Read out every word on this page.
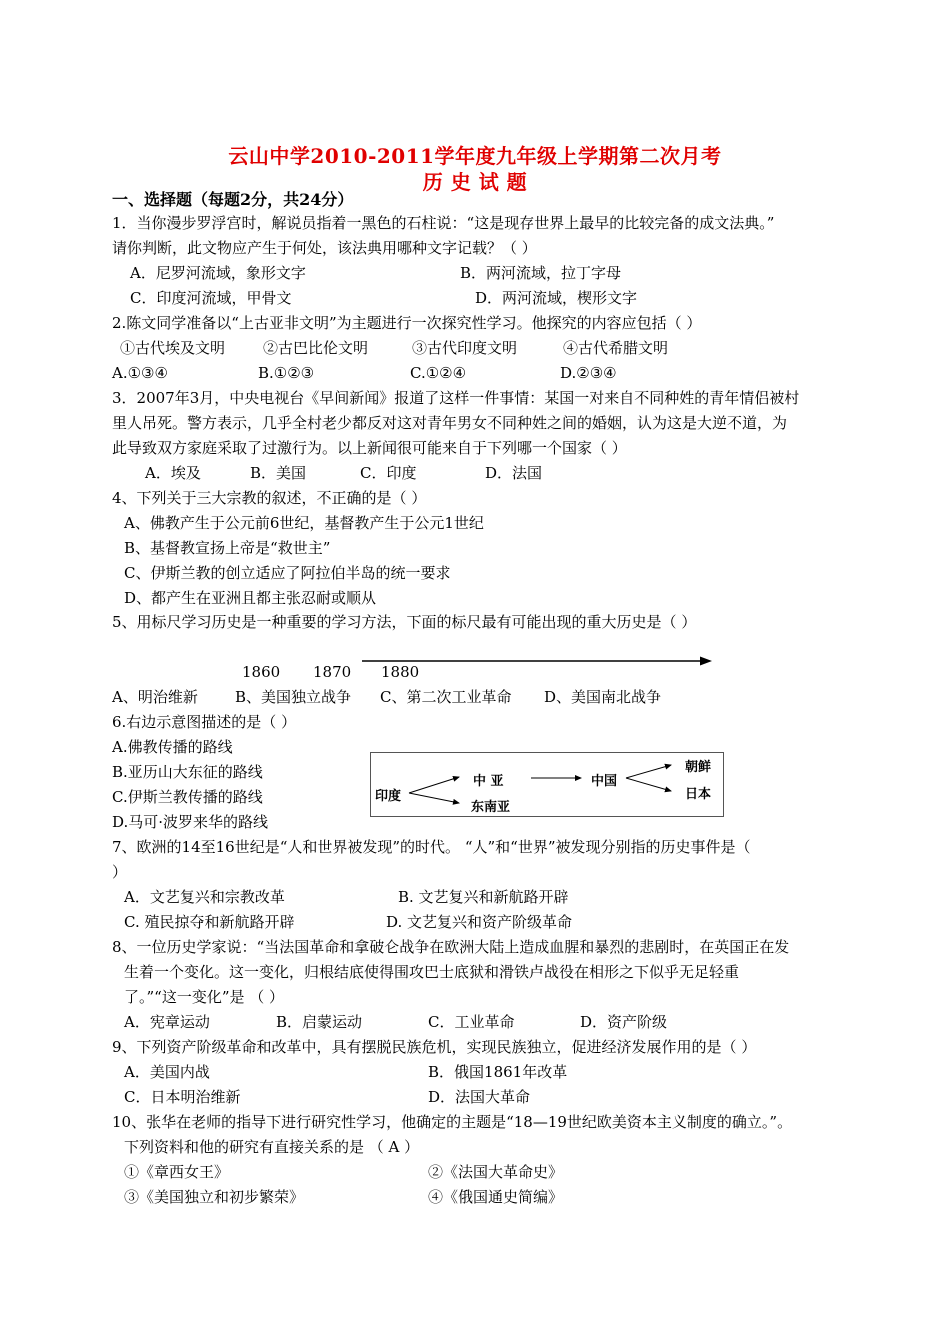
云山中学2010-2011学年度九年级上学期第二次月考
历 史 试 题
一、选择题（每题2分，共24分）
1．当你漫步罗浮宫时，解说员指着一黑色的石柱说：“这是现存世界上最早的比较完备的成文法典。”
请你判断，此文物应产生于何处，该法典用哪种文字记载？（ ）
A．尼罗河流域，象形文字	B．两河流域，拉丁字母
C．印度河流域，甲骨文	D．两河流域，楔形文字
2.陈文同学准备以“上古亚非文明”为主题进行一次探究性学习。他探究的内容应包括（ ）
①古代埃及文明	②古巴比伦文明	③古代印度文明	④古代希腊文明
A.①③④	B.①②③	C.①②④	D.②③④
3．2007年3月，中央电视台《早间新闻》报道了这样一件事情：某国一对来自不同种姓的青年情侣被村
里人吊死。警方表示，几乎全村老少都反对这对青年男女不同种姓之间的婚姻，认为这是大逆不道，为
此导致双方家庭采取了过激行为。以上新闻很可能来自于下列哪一个国家（ ）
A．埃及	B．美国	C．印度	D．法国
4、下列关于三大宗教的叙述，不正确的是（ ）
A、佛教产生于公元前6世纪，基督教产生于公元1世纪
B、基督教宣扬上帝是“救世主”
C、伊斯兰教的创立适应了阿拉伯半岛的统一要求
D、都产生在亚洲且都主张忍耐或顺从
5、用标尺学习历史是一种重要的学习方法，下面的标尺最有可能出现的重大历史是（ ）
1860 1870 1880
A、明治维新 B、美国独立战争 C、第二次工业革命 D、美国南北战争
6.右边示意图描述的是（ ）
A.佛教传播的路线
B.亚历山大东征的路线
C.伊斯兰教传播的路线
D.马可·波罗来华的路线
印度
中 亚
东南亚
中国
朝鲜
日本
7、欧洲的14至16世纪是“人和世界被发现”的时代。 “人”和“世界”被发现分别指的历史事件是（
）
A．文艺复兴和宗教改革	B. 文艺复兴和新航路开辟
C. 殖民掠夺和新航路开辟	D. 文艺复兴和资产阶级革命
8、一位历史学家说：“当法国革命和拿破仑战争在欧洲大陆上造成血腥和暴烈的悲剧时，在英国正在发
生着一个变化。这一变化，归根结底使得围攻巴士底狱和滑铁卢战役在相形之下似乎无足轻重
了。”“这一变化”是 （ ）
A．宪章运动	B．启蒙运动	C．工业革命	D．资产阶级
9、下列资产阶级革命和改革中，具有摆脱民族危机，实现民族独立，促进经济发展作用的是（ ）
A．美国内战	B．俄国1861年改革
C．日本明治维新	D．法国大革命
10、张华在老师的指导下进行研究性学习，他确定的主题是“18—19世纪欧美资本主义制度的确立。”。
下列资料和他的研究有直接关系的是 （ A ）
①《章西女王》	②《法国大革命史》
③《美国独立和初步繁荣》	④《俄国通史简编》
